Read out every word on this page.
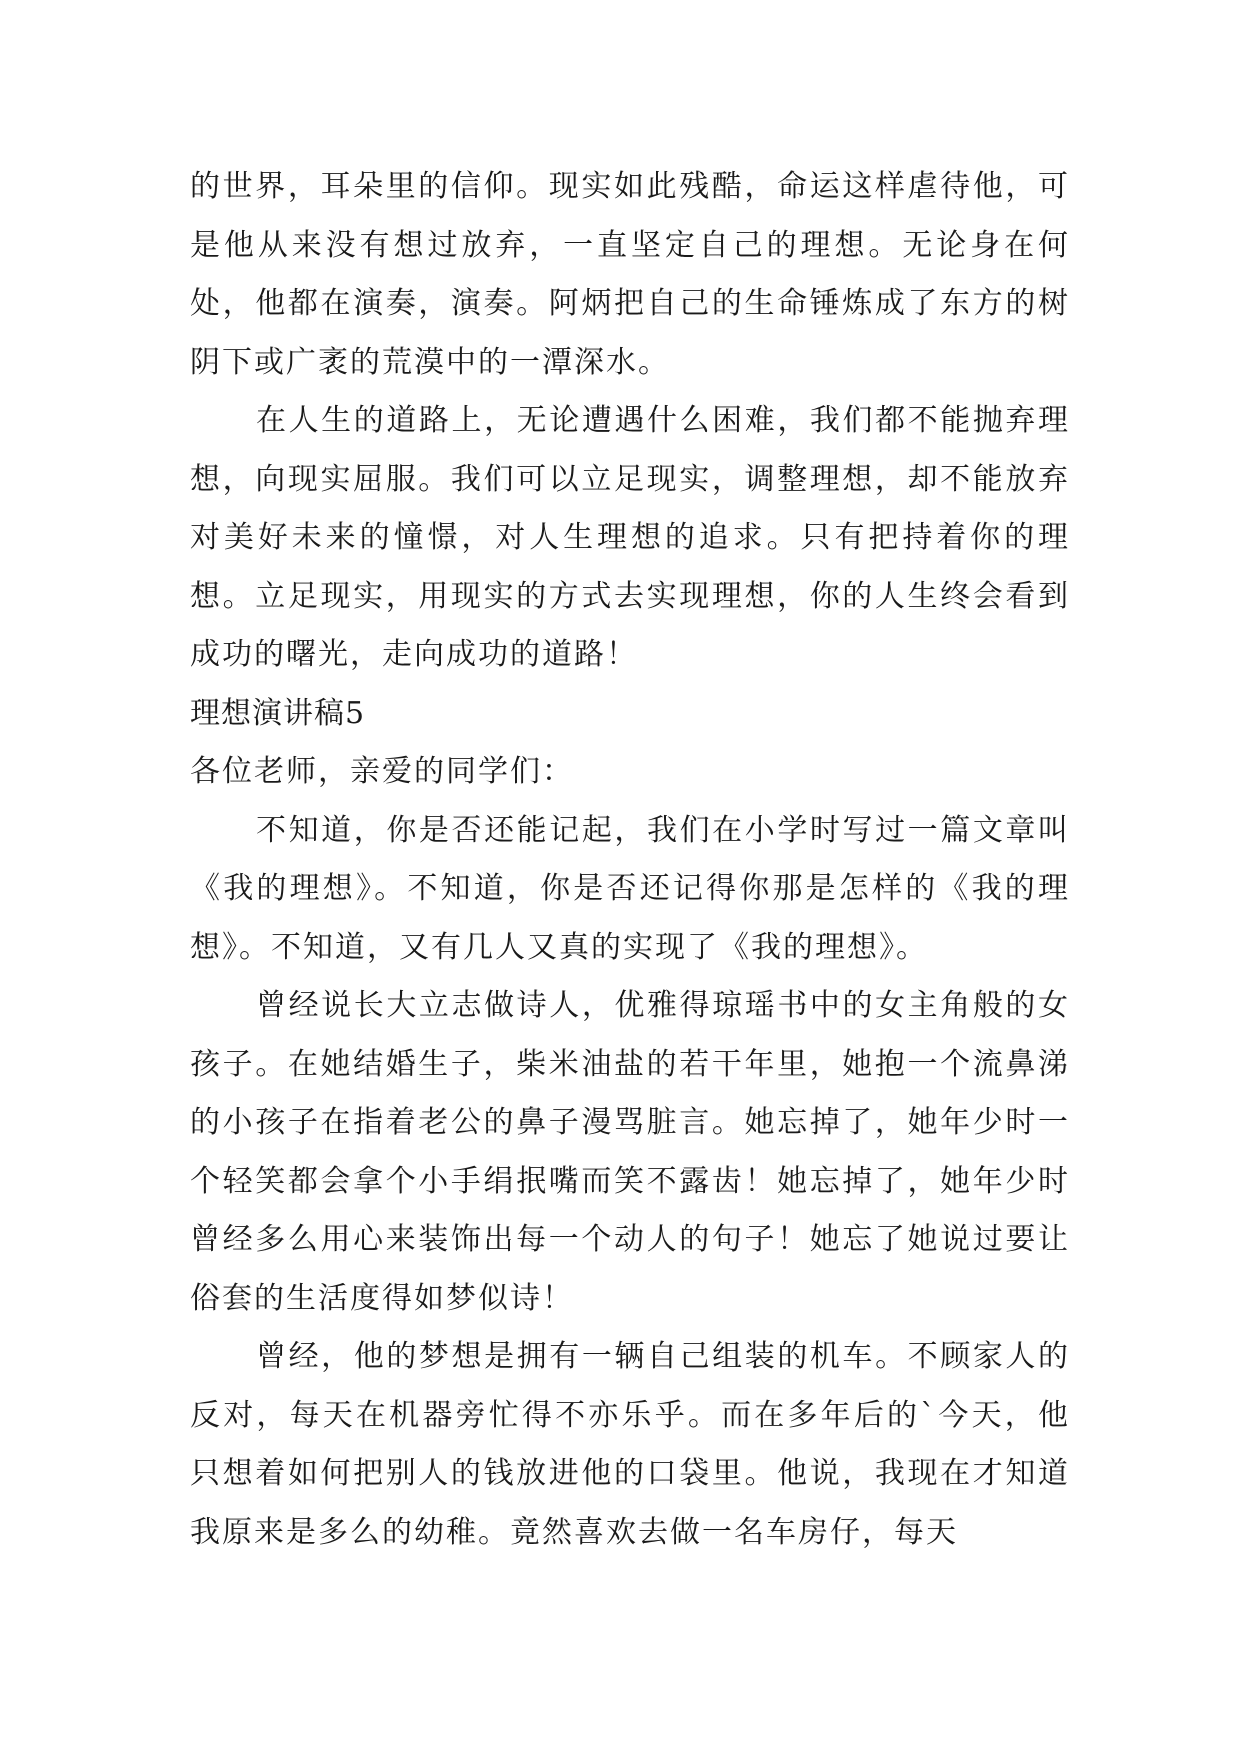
的世界，耳朵里的信仰。现实如此残酷，命运这样虐待他，可是他从来没有想过放弃，一直坚定自己的理想。无论身在何处，他都在演奏，演奏。阿炳把自己的生命锤炼成了东方的树阴下或广袤的荒漠中的一潭深水。

在人生的道路上，无论遭遇什么困难，我们都不能抛弃理想，向现实屈服。我们可以立足现实，调整理想，却不能放弃对美好未来的憧憬，对人生理想的追求。只有把持着你的理想。立足现实，用现实的方式去实现理想，你的人生终会看到成功的曙光，走向成功的道路！

理想演讲稿5

各位老师，亲爱的同学们：

不知道，你是否还能记起，我们在小学时写过一篇文章叫《我的理想》。不知道，你是否还记得你那是怎样的《我的理想》。不知道，又有几人又真的实现了《我的理想》。

曾经说长大立志做诗人，优雅得琼瑶书中的女主角般的女孩子。在她结婚生子，柴米油盐的若干年里，她抱一个流鼻涕的小孩子在指着老公的鼻子漫骂脏言。她忘掉了，她年少时一个轻笑都会拿个小手绢抿嘴而笑不露齿！她忘掉了，她年少时曾经多么用心来装饰出每一个动人的句子！她忘了她说过要让俗套的生活度得如梦似诗！

曾经，他的梦想是拥有一辆自己组装的机车。不顾家人的反对，每天在机器旁忙得不亦乐乎。而在多年后的`今天，他只想着如何把别人的钱放进他的口袋里。他说，我现在才知道我原来是多么的幼稚。竟然喜欢去做一名车房仔，每天
